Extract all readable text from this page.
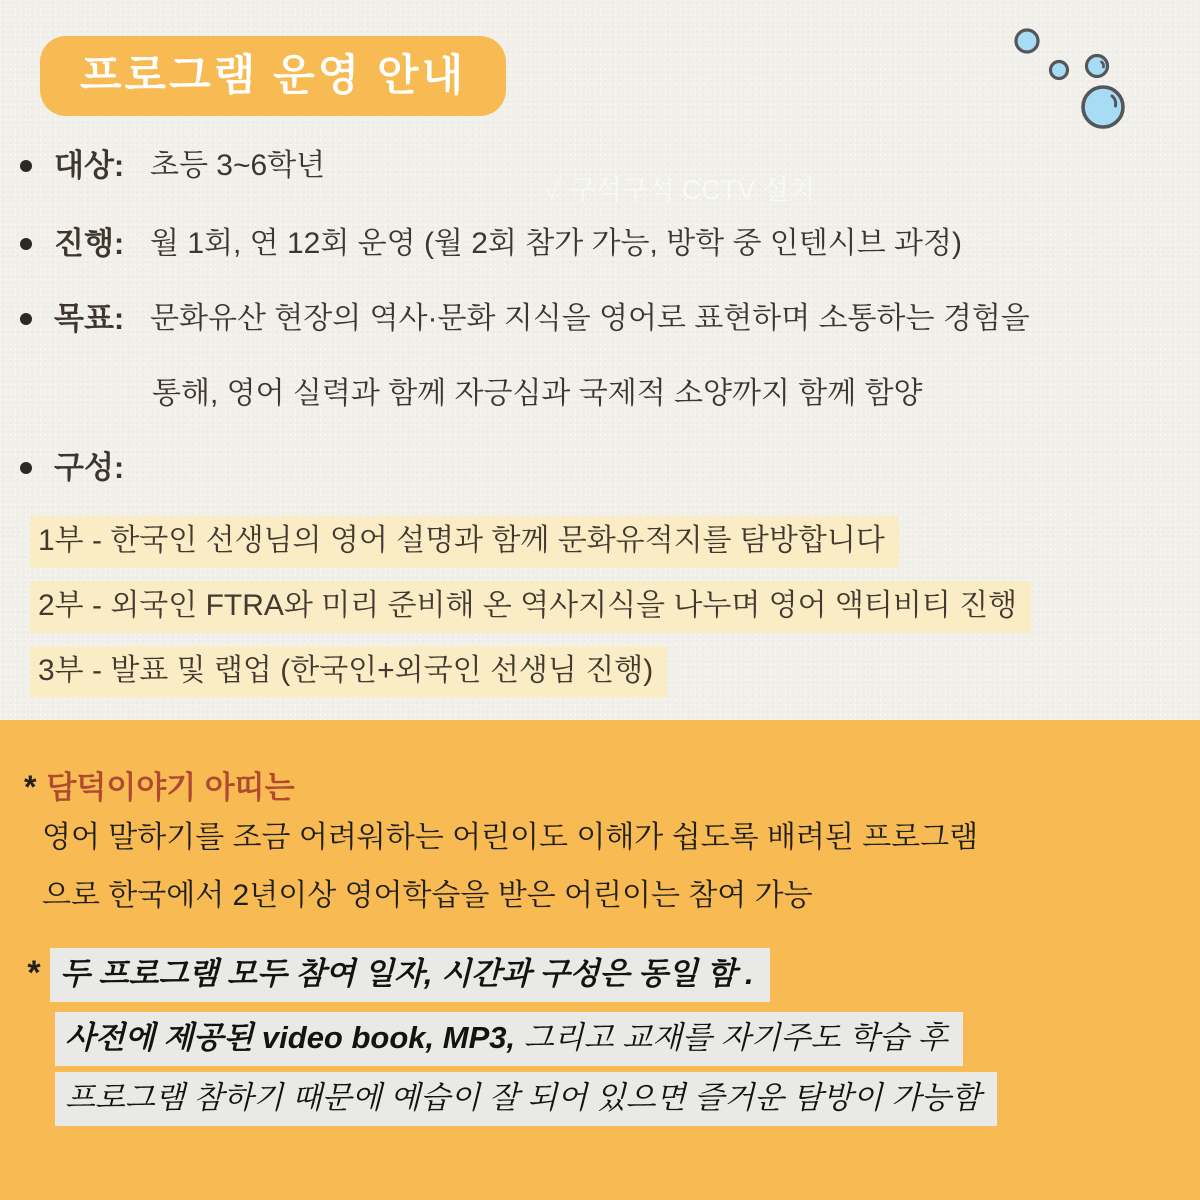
프로그램 운영 안내
✓ 구석구석 CCTV 설치
대상: 초등 3~6학년
진행: 월 1회, 연 12회 운영 (월 2회 참가 가능, 방학 중 인텐시브 과정)
목표: 문화유산 현장의 역사·문화 지식을 영어로 표현하며 소통하는 경험을
통해, 영어 실력과 함께 자긍심과 국제적 소양까지 함께 함양
구성:
1부 - 한국인 선생님의 영어 설명과 함께 문화유적지를 탐방합니다
2부 - 외국인 FTRA와 미리 준비해 온 역사지식을 나누며 영어 액티비티 진행
3부 - 발표 및 랩업 (한국인+외국인 선생님 진행)
* 담덕이야기 아띠는
영어 말하기를 조금 어려워하는 어린이도 이해가 쉽도록 배려된 프로그램
으로 한국에서 2년이상 영어학습을 받은 어린이는 참여 가능
* 두 프로그램 모두 참여 일자, 시간과 구성은 동일 함 .
사전에 제공된 video book, MP3, 그리고 교재를 자기주도 학습 후
프로그램 참하기 때문에 예습이 잘 되어 있으면 즐거운 탐방이 가능함
